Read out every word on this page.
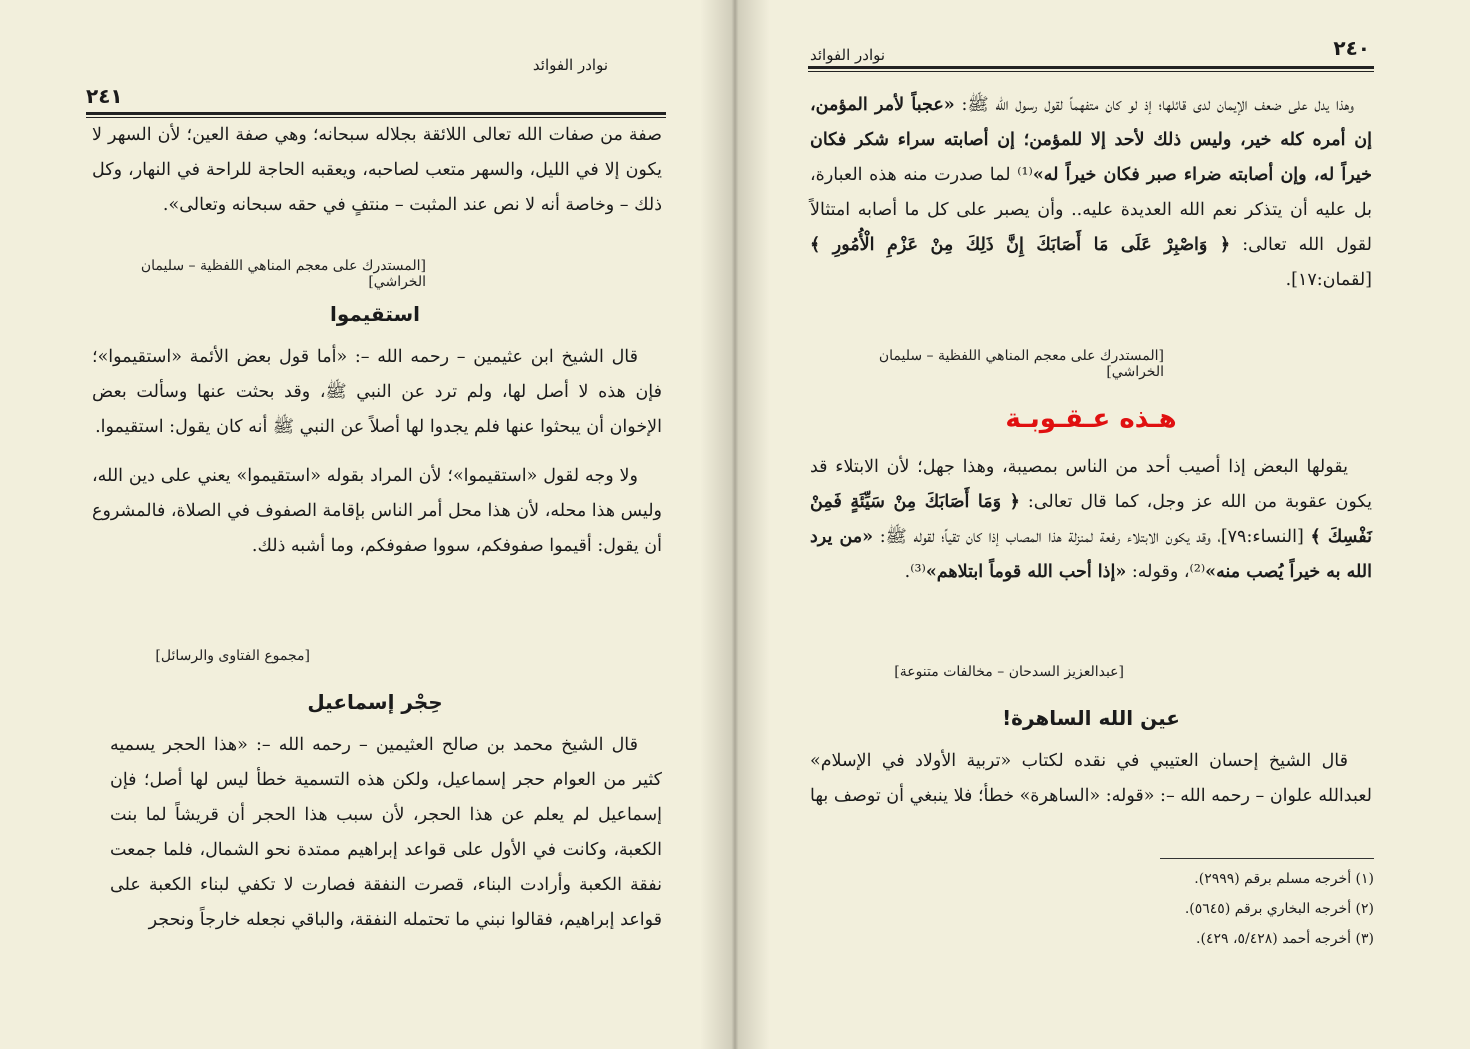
نوادر الفوائد
٢٤١

صفة من صفات الله تعالى اللائقة بجلاله سبحانه؛ وهي صفة العين؛ لأن السهر لا يكون إلا في الليل، والسهر متعب لصاحبه، ويعقبه الحاجة للراحة في النهار، وكل ذلك – وخاصة أنه لا نص عند المثبت – منتفٍ في حقه سبحانه وتعالى».

[المستدرك على معجم المناهي اللفظية – سليمان الخراشي]
استقيموا

قال الشيخ ابن عثيمين – رحمه الله –: «أما قول بعض الأئمة «استقيموا»؛ فإن هذه لا أصل لها، ولم ترد عن النبي ﷺ، وقد بحثت عنها وسألت بعض الإخوان أن يبحثوا عنها فلم يجدوا لها أصلاً عن النبي ﷺ أنه كان يقول: استقيموا.

ولا وجه لقول «استقيموا»؛ لأن المراد بقوله «استقيموا» يعني على دين الله، وليس هذا محله، لأن هذا محل أمر الناس بإقامة الصفوف في الصلاة، فالمشروع أن يقول: أقيموا صفوفكم، سووا صفوفكم، وما أشبه ذلك.

[مجموع الفتاوى والرسائل]
حِجْر إسماعيل

قال الشيخ محمد بن صالح العثيمين – رحمه الله –: «هذا الحجر يسميه كثير من العوام حجر إسماعيل، ولكن هذه التسمية خطأ ليس لها أصل؛ فإن إسماعيل لم يعلم عن هذا الحجر، لأن سبب هذا الحجر أن قريشاً لما بنت الكعبة، وكانت في الأول على قواعد إبراهيم ممتدة نحو الشمال، فلما جمعت نفقة الكعبة وأرادت البناء، قصرت النفقة فصارت لا تكفي لبناء الكعبة على قواعد إبراهيم، فقالوا نبني ما تحتمله النفقة، والباقي نجعله خارجاً ونحجر

٢٤٠
نوادر الفوائد

وهذا يدل على ضعف الإيمان لدى قائلها؛ إذ لو كان متفهماً لقول رسول الله ﷺ: «عجباً لأمر المؤمن، إن أمره كله خير، وليس ذلك لأحد إلا للمؤمن؛ إن أصابته سراء شكر فكان خيراً له، وإن أصابته ضراء صبر فكان خيراً له»⁽¹⁾ لما صدرت منه هذه العبارة، بل عليه أن يتذكر نعم الله العديدة عليه.. وأن يصبر على كل ما أصابه امتثالاً لقول الله تعالى: ﴿ وَاصْبِرْ عَلَى مَا أَصَابَكَ إِنَّ ذَلِكَ مِنْ عَزْمِ الْأُمُورِ ﴾ [لقمان:١٧].

[المستدرك على معجم المناهي اللفظية – سليمان الخراشي]
هـذه عـقـوبـة

يقولها البعض إذا أصيب أحد من الناس بمصيبة، وهذا جهل؛ لأن الابتلاء قد يكون عقوبة من الله عز وجل، كما قال تعالى: ﴿ وَمَا أَصَابَكَ مِنْ سَيِّئَةٍ فَمِنْ نَفْسِكَ ﴾ [النساء:٧٩]، وقد يكون الابتلاء رفعة لمنزلة هذا المصاب إذا كان تقياً؛ لقوله ﷺ: «من يرد الله به خيراً يُصب منه»⁽²⁾، وقوله: «إذا أحب الله قوماً ابتلاهم»⁽³⁾.

[عبدالعزيز السدحان – مخالفات متنوعة]
عين الله الساهرة!

قال الشيخ إحسان العتيبي في نقده لكتاب «تربية الأولاد في الإسلام» لعبدالله علوان – رحمه الله –: «قوله: «الساهرة» خطأ؛ فلا ينبغي أن توصف بها

(١) أخرجه مسلم برقم (٢٩٩٩).
(٢) أخرجه البخاري برقم (٥٦٤٥).
(٣) أخرجه أحمد (٥/٤٢٨، ٤٢٩).
